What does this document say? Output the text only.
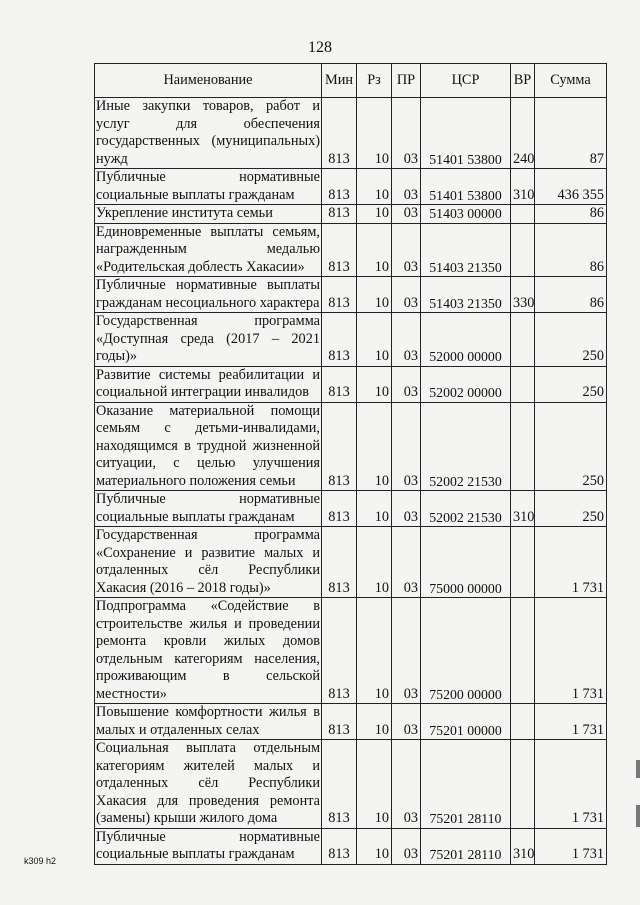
128
Наименование	Мин	Рз	ПР	ЦСР	ВР	Сумма
Иные закупки товаров, работ и услуг для обеспечения государственных (муниципальных) нужд	813	10	03	51401 53800	240	87
Публичные нормативные социальные выплаты гражданам	813	10	03	51401 53800	310	436 355
Укрепление института семьи	813	10	03	51403 00000		86
Единовременные выплаты семьям, награжденным медалью «Родительская доблесть Хакасии»	813	10	03	51403 21350		86
Публичные нормативные выплаты гражданам несоциального характера	813	10	03	51403 21350	330	86
Государственная программа «Доступная среда (2017 – 2021 годы)»	813	10	03	52000 00000		250
Развитие системы реабилитации и социальной интеграции инвалидов	813	10	03	52002 00000		250
Оказание материальной помощи семьям с детьми-инвалидами, находящимся в трудной жизненной ситуации, с целью улучшения материального положения семьи	813	10	03	52002 21530		250
Публичные нормативные социальные выплаты гражданам	813	10	03	52002 21530	310	250
Государственная программа «Сохранение и развитие малых и отдаленных сёл Республики Хакасия (2016 – 2018 годы)»	813	10	03	75000 00000		1 731
Подпрограмма «Содействие в строительстве жилья и проведении ремонта кровли жилых домов отдельным категориям населения, проживающим в сельской местности»	813	10	03	75200 00000		1 731
Повышение комфортности жилья в малых и отдаленных селах	813	10	03	75201 00000		1 731
Социальная выплата отдельным категориям жителей малых и отдаленных сёл Республики Хакасия для проведения ремонта (замены) крыши жилого дома	813	10	03	75201 28110		1 731
Публичные нормативные социальные выплаты гражданам	813	10	03	75201 28110	310	1 731
k309 h2
